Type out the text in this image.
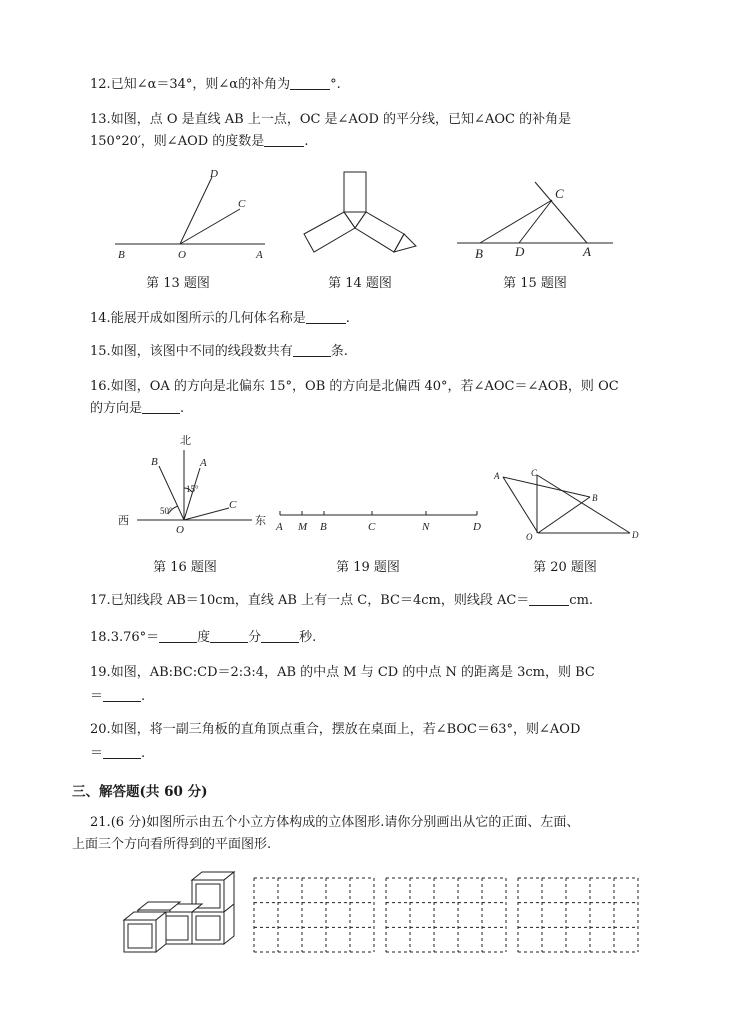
12.已知∠α＝34°，则∠α的补角为	°.
13.如图，点 O 是直线 AB 上一点，OC 是∠AOD 的平分线，已知∠AOC 的补角是
150°20′，则∠AOD 的度数是	.
D
C
B	O	A
C
B D	A
第 13 题图	第 14 题图	第 15 题图
14.能展开成如图所示的几何体名称是	.
15.如图，该图中不同的线段数共有	条.
16.如图，OA 的方向是北偏东 15°，OB 的方向是北偏西 40°，若∠AOC＝∠AOB，则 OC
的方向是	.
北
西	东
B	A
C
O
15°
50°
A M B	C	N	D
A	C
B
O	D
第 16 题图	第 19 题图	第 20 题图
17.已知线段 AB＝10cm，直线 AB 上有一点 C，BC＝4cm，则线段 AC＝	cm.
18.3.76°＝	度	分	秒.
19.如图，AB:BC:CD＝2:3:4，AB 的中点 M 与 CD 的中点 N 的距离是 3cm，则 BC
＝	.
20.如图，将一副三角板的直角顶点重合，摆放在桌面上，若∠BOC＝63°，则∠AOD
＝	.
三、解答题(共 60 分)
21.(6 分)如图所示由五个小立方体构成的立体图形.请你分别画出从它的正面、左面、
上面三个方向看所得到的平面图形.
